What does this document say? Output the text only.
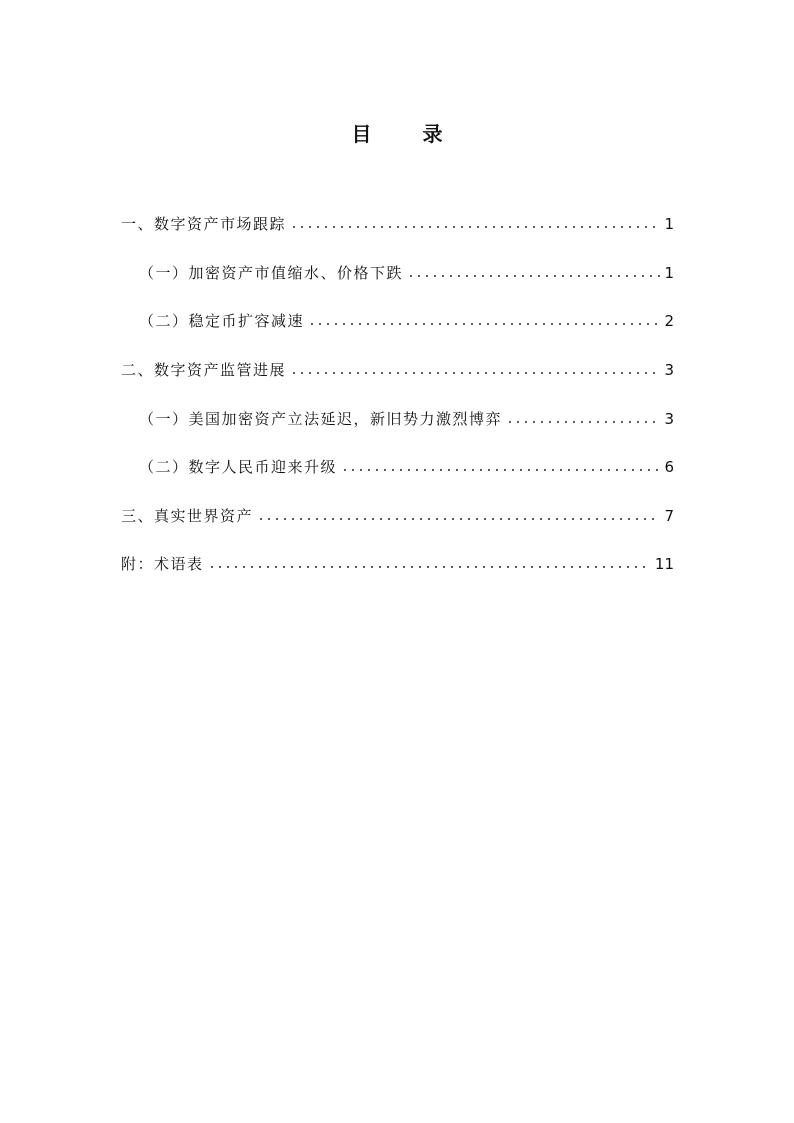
目 录
一、数字资产市场跟踪	1
（一）加密资产市值缩水、价格下跌	1
（二）稳定币扩容减速	2
二、数字资产监管进展	3
（一）美国加密资产立法延迟，新旧势力激烈博弈	3
（二）数字人民币迎来升级	6
三、真实世界资产	7
附：术语表	11
